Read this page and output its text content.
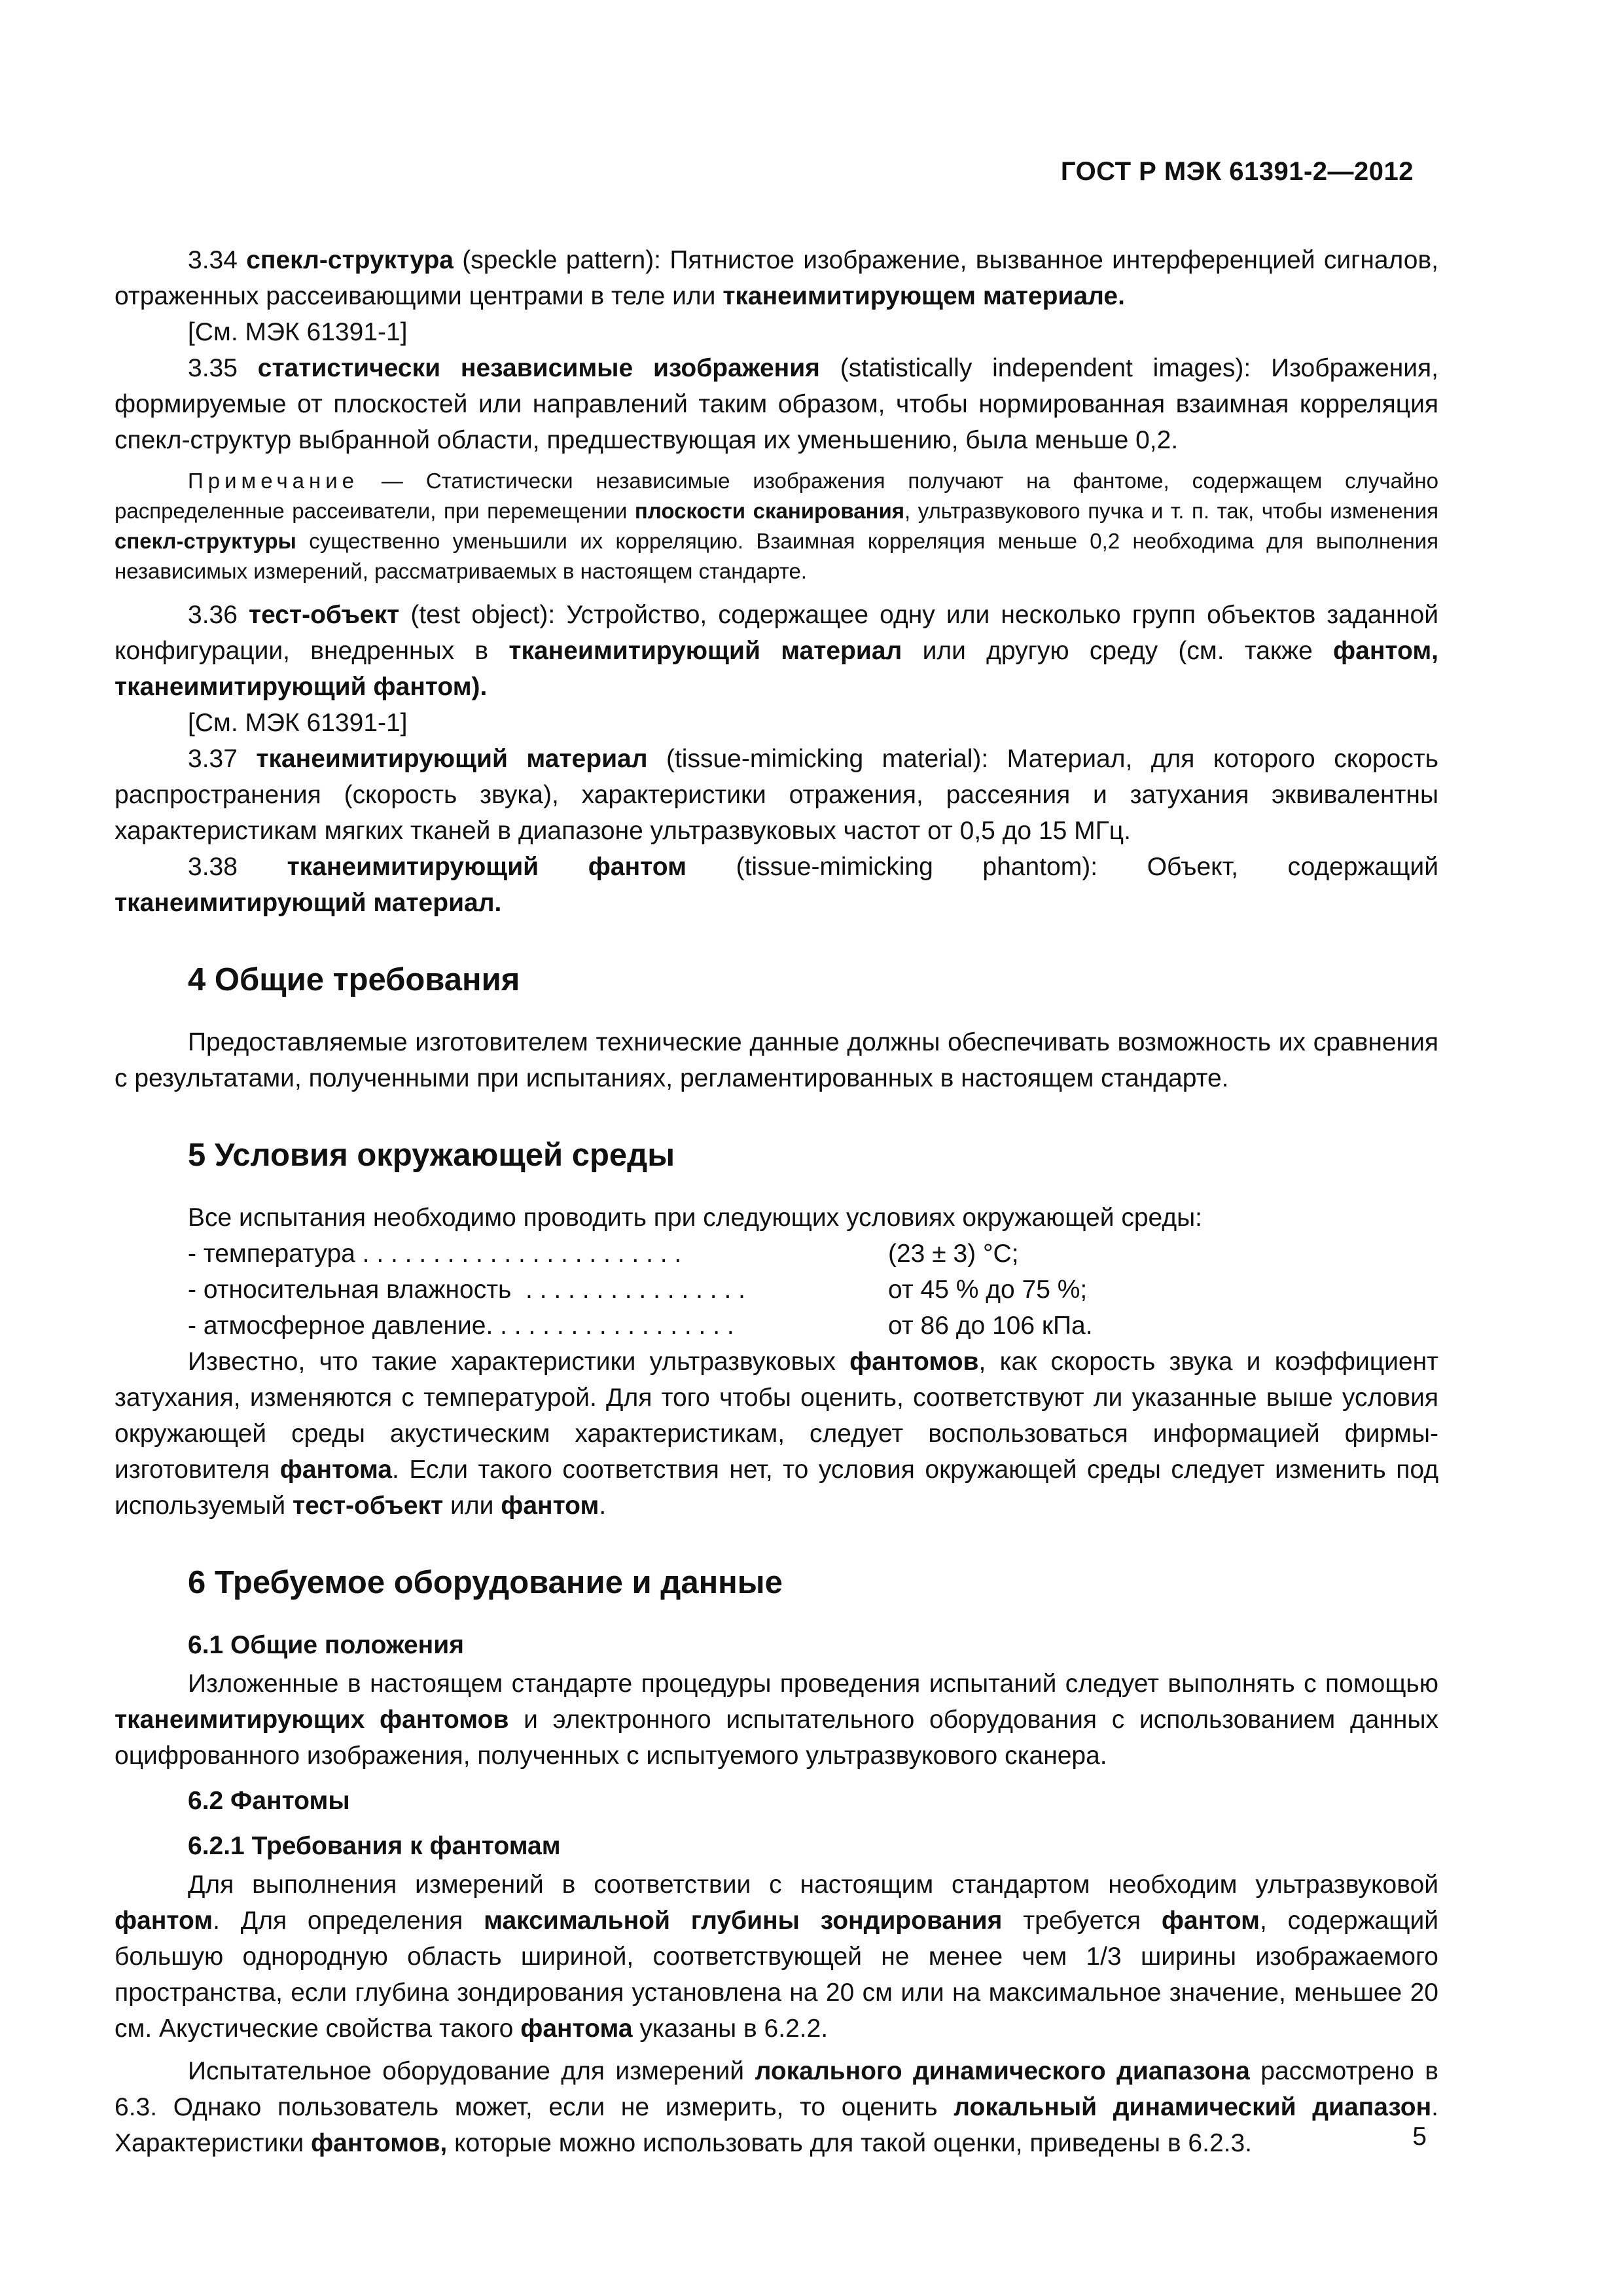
ГОСТ Р МЭК 61391-2—2012

3.34 спекл-структура (speckle pattern): Пятнистое изображение, вызванное интерференцией сигналов, отраженных рассеивающими центрами в теле или тканеимитирующем материале.

[См. МЭК 61391-1]

3.35 статистически независимые изображения (statistically independent images): Изображения, формируемые от плоскостей или направлений таким образом, чтобы нормированная взаимная корреляция спекл-структур выбранной области, предшествующая их уменьшению, была меньше 0,2.

Примечание — Статистически независимые изображения получают на фантоме, содержащем случайно распределенные рассеиватели, при перемещении плоскости сканирования, ультразвукового пучка и т. п. так, чтобы изменения спекл-структуры существенно уменьшили их корреляцию. Взаимная корреляция меньше 0,2 необходима для выполнения независимых измерений, рассматриваемых в настоящем стандарте.

3.36 тест-объект (test object): Устройство, содержащее одну или несколько групп объектов заданной конфигурации, внедренных в тканеимитирующий материал или другую среду (см. также фантом, тканеимитирующий фантом).

[См. МЭК 61391-1]

3.37 тканеимитирующий материал (tissue-mimicking material): Материал, для которого скорость распространения (скорость звука), характеристики отражения, рассеяния и затухания эквивалентны характеристикам мягких тканей в диапазоне ультразвуковых частот от 0,5 до 15 МГц.

3.38 тканеимитирующий фантом (tissue-mimicking phantom): Объект, содержащий тканеимитирующий материал.

4 Общие требования

Предоставляемые изготовителем технические данные должны обеспечивать возможность их сравнения с результатами, полученными при испытаниях, регламентированных в настоящем стандарте.

5 Условия окружающей среды

Все испытания необходимо проводить при следующих условиях окружающей среды:

- температура . . . . . . . . . . . . . . . . . . . . . . .	(23 ± 3) °С;
- относительная влажность  . . . . . . . . . . . . . . . .	от 45 % до 75 %;
- атмосферное давление. . . . . . . . . . . . . . . . . .	от 86 до 106 кПа.

Известно, что такие характеристики ультразвуковых фантомов, как скорость звука и коэффициент затухания, изменяются с температурой. Для того чтобы оценить, соответствуют ли указанные выше условия окружающей среды акустическим характеристикам, следует воспользоваться информацией фирмы-изготовителя фантома. Если такого соответствия нет, то условия окружающей среды следует изменить под используемый тест-объект или фантом.

6 Требуемое оборудование и данные
6.1 Общие положения

Изложенные в настоящем стандарте процедуры проведения испытаний следует выполнять с помощью тканеимитирующих фантомов и электронного испытательного оборудования с использованием данных оцифрованного изображения, полученных с испытуемого ультразвукового сканера.

6.2 Фантомы
6.2.1 Требования к фантомам

Для выполнения измерений в соответствии с настоящим стандартом необходим ультразвуковой фантом. Для определения максимальной глубины зондирования требуется фантом, содержащий большую однородную область шириной, соответствующей не менее чем 1/3 ширины изображаемого пространства, если глубина зондирования установлена на 20 см или на максимальное значение, меньшее 20 см. Акустические свойства такого фантома указаны в 6.2.2.

Испытательное оборудование для измерений локального динамического диапазона рассмотрено в 6.3. Однако пользователь может, если не измерить, то оценить локальный динамический диапазон. Характеристики фантомов, которые можно использовать для такой оценки, приведены в 6.2.3.	5
